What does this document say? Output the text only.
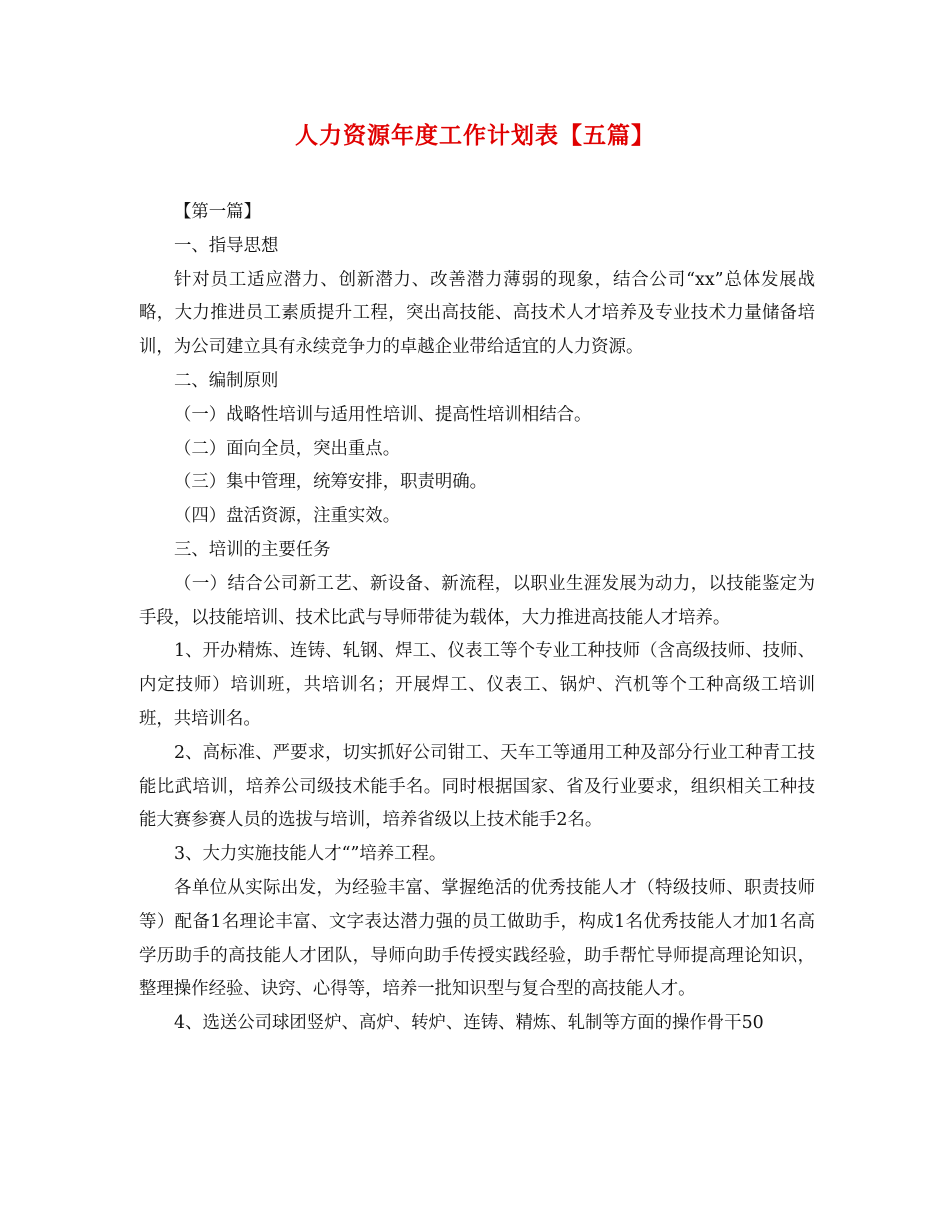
人力资源年度工作计划表【五篇】

【第一篇】

一、指导思想

针对员工适应潜力、创新潜力、改善潜力薄弱的现象，结合公司“xx”总体发展战略，大力推进员工素质提升工程，突出高技能、高技术人才培养及专业技术力量储备培训，为公司建立具有永续竞争力的卓越企业带给适宜的人力资源。

二、编制原则

（一）战略性培训与适用性培训、提高性培训相结合。

（二）面向全员，突出重点。

（三）集中管理，统筹安排，职责明确。

（四）盘活资源，注重实效。

三、培训的主要任务

（一）结合公司新工艺、新设备、新流程，以职业生涯发展为动力，以技能鉴定为手段，以技能培训、技术比武与导师带徒为载体，大力推进高技能人才培养。

1、开办精炼、连铸、轧钢、焊工、仪表工等个专业工种技师（含高级技师、技师、内定技师）培训班，共培训名；开展焊工、仪表工、锅炉、汽机等个工种高级工培训班，共培训名。

2、高标准、严要求，切实抓好公司钳工、天车工等通用工种及部分行业工种青工技能比武培训，培养公司级技术能手名。同时根据国家、省及行业要求，组织相关工种技能大赛参赛人员的选拔与培训，培养省级以上技术能手2名。

3、大力实施技能人才“”培养工程。

各单位从实际出发，为经验丰富、掌握绝活的优秀技能人才（特级技师、职责技师等）配备1名理论丰富、文字表达潜力强的员工做助手，构成1名优秀技能人才加1名高学历助手的高技能人才团队，导师向助手传授实践经验，助手帮忙导师提高理论知识，整理操作经验、诀窍、心得等，培养一批知识型与复合型的高技能人才。

4、选送公司球团竖炉、高炉、转炉、连铸、精炼、轧制等方面的操作骨干50
